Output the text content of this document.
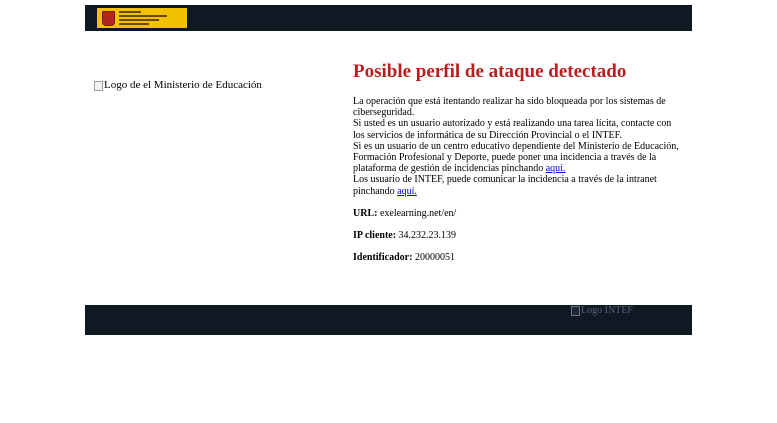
Logo de el Ministerio de Educación
Posible perfil de ataque detectado

La operación que está itentando realizar ha sido bloqueada por los sistemas de ciberseguridad.
Si usted es un usuario autorizado y está realizando una tarea lícita, contacte con los servicios de informática de su Dirección Provincial o el INTEF.
Si es un usuario de un centro educativo dependiente del Ministerio de Educación, Formación Profesional y Deporte, puede poner una incidencia a través de la plataforma de gestión de incidencias pinchando aquí.
Los usuario de INTEF, puede comunicar la incidencia a través de la intranet pinchando aquí.

URL: exelearning.net/en/

IP cliente: 34.232.23.139

Identificador: 20000051

Logo INTEF
